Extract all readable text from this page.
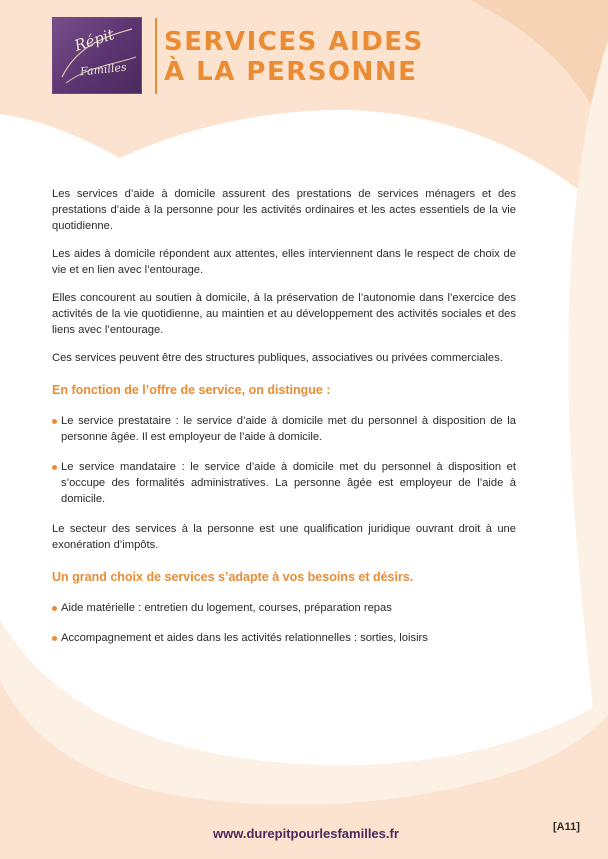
Répit
Familles
SERVICES AIDES
À LA PERSONNE

Les services d’aide à domicile assurent des prestations de services ménagers et des prestations d’aide à la personne pour les activités ordinaires et les actes essentiels de la vie quotidienne.

Les aides à domicile répondent aux attentes, elles interviennent dans le respect de choix de vie et en lien avec l’entourage.

Elles concourent au soutien à domicile, à la préservation de l’autonomie dans l’exercice des activités de la vie quotidienne, au maintien et au développement des activités sociales et des liens avec l’entourage.

Ces services peuvent être des structures publiques, associatives ou privées commerciales.

En fonction de l’offre de service, on distingue :
Le service prestataire : le service d’aide à domicile met du personnel à disposition de la personne âgée. Il est employeur de l’aide à domicile.
Le service mandataire : le service d’aide à domicile met du personnel à disposition et s’occupe des formalités administratives. La personne âgée est employeur de l’aide à domicile.

Le secteur des services à la personne est une qualification juridique ouvrant droit à une exonération d’impôts.

Un grand choix de services s’adapte à vos besoins et désirs.
Aide matérielle : entretien du logement, courses, préparation repas
Accompagnement et aides dans les activités relationnelles : sorties, loisirs
www.durepitpourlesfamilles.fr	[A11]
